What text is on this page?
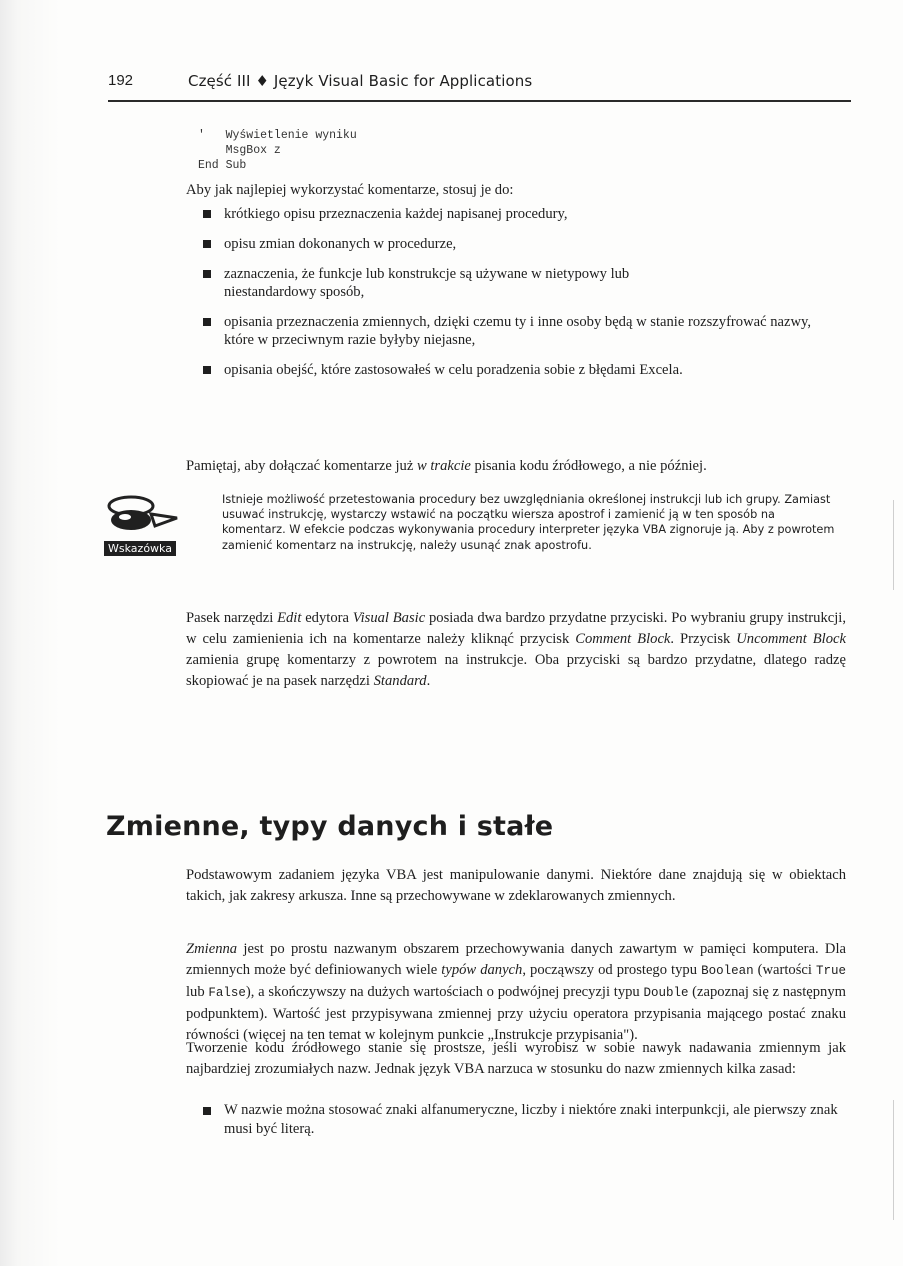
192	Część III ♦ Język Visual Basic for Applications
'   Wyświetlenie wyniku
MsgBox z
End Sub
Aby jak najlepiej wykorzystać komentarze, stosuj je do:
krótkiego opisu przeznaczenia każdej napisanej procedury,
opisu zmian dokonanych w procedurze,
zaznaczenia, że funkcje lub konstrukcje są używane w nietypowy lub niestandardowy sposób,
opisania przeznaczenia zmiennych, dzięki czemu ty i inne osoby będą w stanie rozszyfrować nazwy, które w przeciwnym razie byłyby niejasne,
opisania obejść, które zastosowałeś w celu poradzenia sobie z błędami Excela.
Pamiętaj, aby dołączać komentarze już w trakcie pisania kodu źródłowego, a nie później.
Wskazówka
Istnieje możliwość przetestowania procedury bez uwzględniania określonej instrukcji lub ich grupy. Zamiast usuwać instrukcję, wystarczy wstawić na początku wiersza apostrof i zamienić ją w ten sposób na komentarz. W efekcie podczas wykonywania procedury interpreter języka VBA zignoruje ją. Aby z powrotem zamienić komentarz na instrukcję, należy usunąć znak apostrofu.
Pasek narzędzi Edit edytora Visual Basic posiada dwa bardzo przydatne przyciski. Po wybraniu grupy instrukcji, w celu zamienienia ich na komentarze należy kliknąć przycisk Comment Block. Przycisk Uncomment Block zamienia grupę komentarzy z powrotem na instrukcje. Oba przyciski są bardzo przydatne, dlatego radzę skopiować je na pasek narzędzi Standard.
Zmienne, typy danych i stałe
Podstawowym zadaniem języka VBA jest manipulowanie danymi. Niektóre dane znajdują się w obiektach takich, jak zakresy arkusza. Inne są przechowywane w zdeklarowanych zmiennych.
Zmienna jest po prostu nazwanym obszarem przechowywania danych zawartym w pamięci komputera. Dla zmiennych może być definiowanych wiele typów danych, począwszy od prostego typu Boolean (wartości True lub False), a skończywszy na dużych wartościach o podwójnej precyzji typu Double (zapoznaj się z następnym podpunktem). Wartość jest przypisywana zmiennej przy użyciu operatora przypisania mającego postać znaku równości (więcej na ten temat w kolejnym punkcie „Instrukcje przypisania").
Tworzenie kodu źródłowego stanie się prostsze, jeśli wyrobisz w sobie nawyk nadawania zmiennym jak najbardziej zrozumiałych nazw. Jednak język VBA narzuca w stosunku do nazw zmiennych kilka zasad:
W nazwie można stosować znaki alfanumeryczne, liczby i niektóre znaki interpunkcji, ale pierwszy znak musi być literą.
